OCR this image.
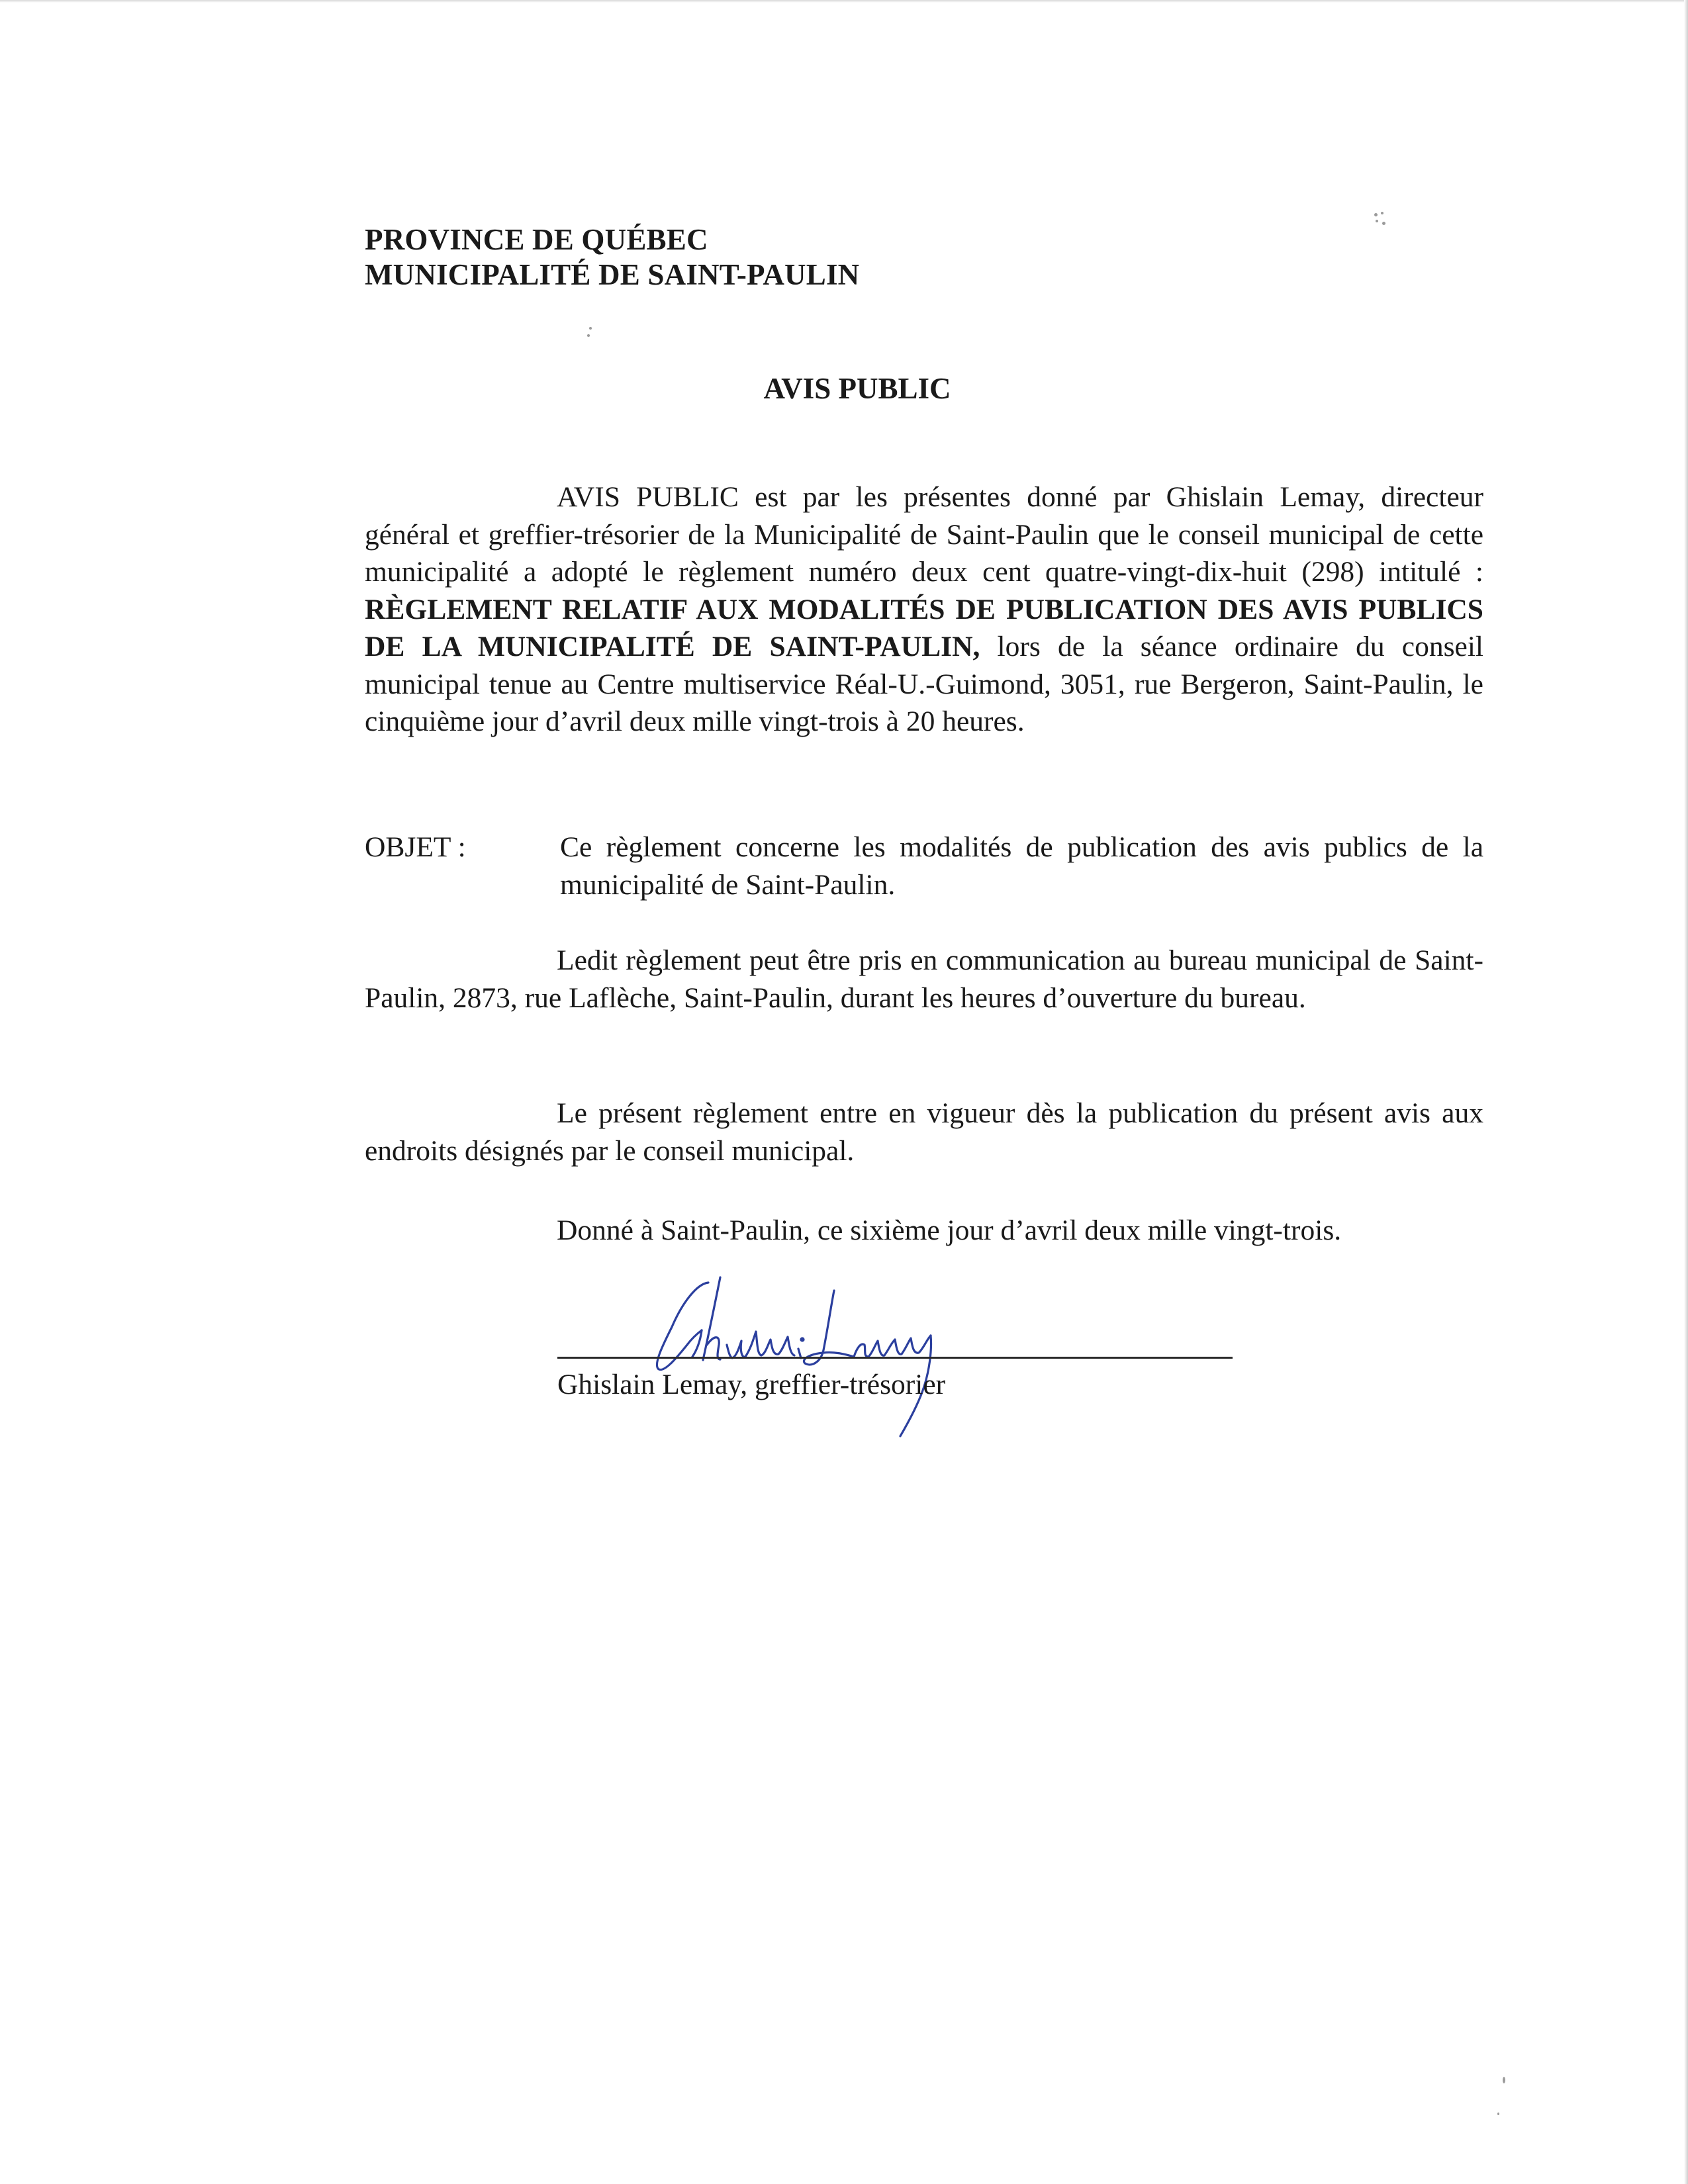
PROVINCE DE QUÉBEC
MUNICIPALITÉ DE SAINT-PAULIN
AVIS PUBLIC
AVIS PUBLIC est par les présentes donné par Ghislain Lemay, directeur général et greffier-trésorier de la Municipalité de Saint-Paulin que le conseil municipal de cette municipalité a adopté le règlement numéro deux cent quatre-vingt-dix-huit (298) intitulé : RÈGLEMENT RELATIF AUX MODALITÉS DE PUBLICATION DES AVIS PUBLICS DE LA MUNICIPALITÉ DE SAINT-PAULIN, lors de la séance ordinaire du conseil municipal tenue au Centre multiservice Réal-U.-Guimond, 3051, rue Bergeron, Saint-Paulin, le cinquième jour d’avril deux mille vingt-trois à 20 heures.
OBJET :	Ce règlement concerne les modalités de publication des avis publics de la municipalité de Saint-Paulin.
Ledit règlement peut être pris en communication au bureau municipal de Saint-Paulin, 2873, rue Laflèche, Saint-Paulin, durant les heures d’ouverture du bureau.
Le présent règlement entre en vigueur dès la publication du présent avis aux endroits désignés par le conseil municipal.
Donné à Saint-Paulin, ce sixième jour d’avril deux mille vingt-trois.
Ghislain Lemay, greffier-trésorier
